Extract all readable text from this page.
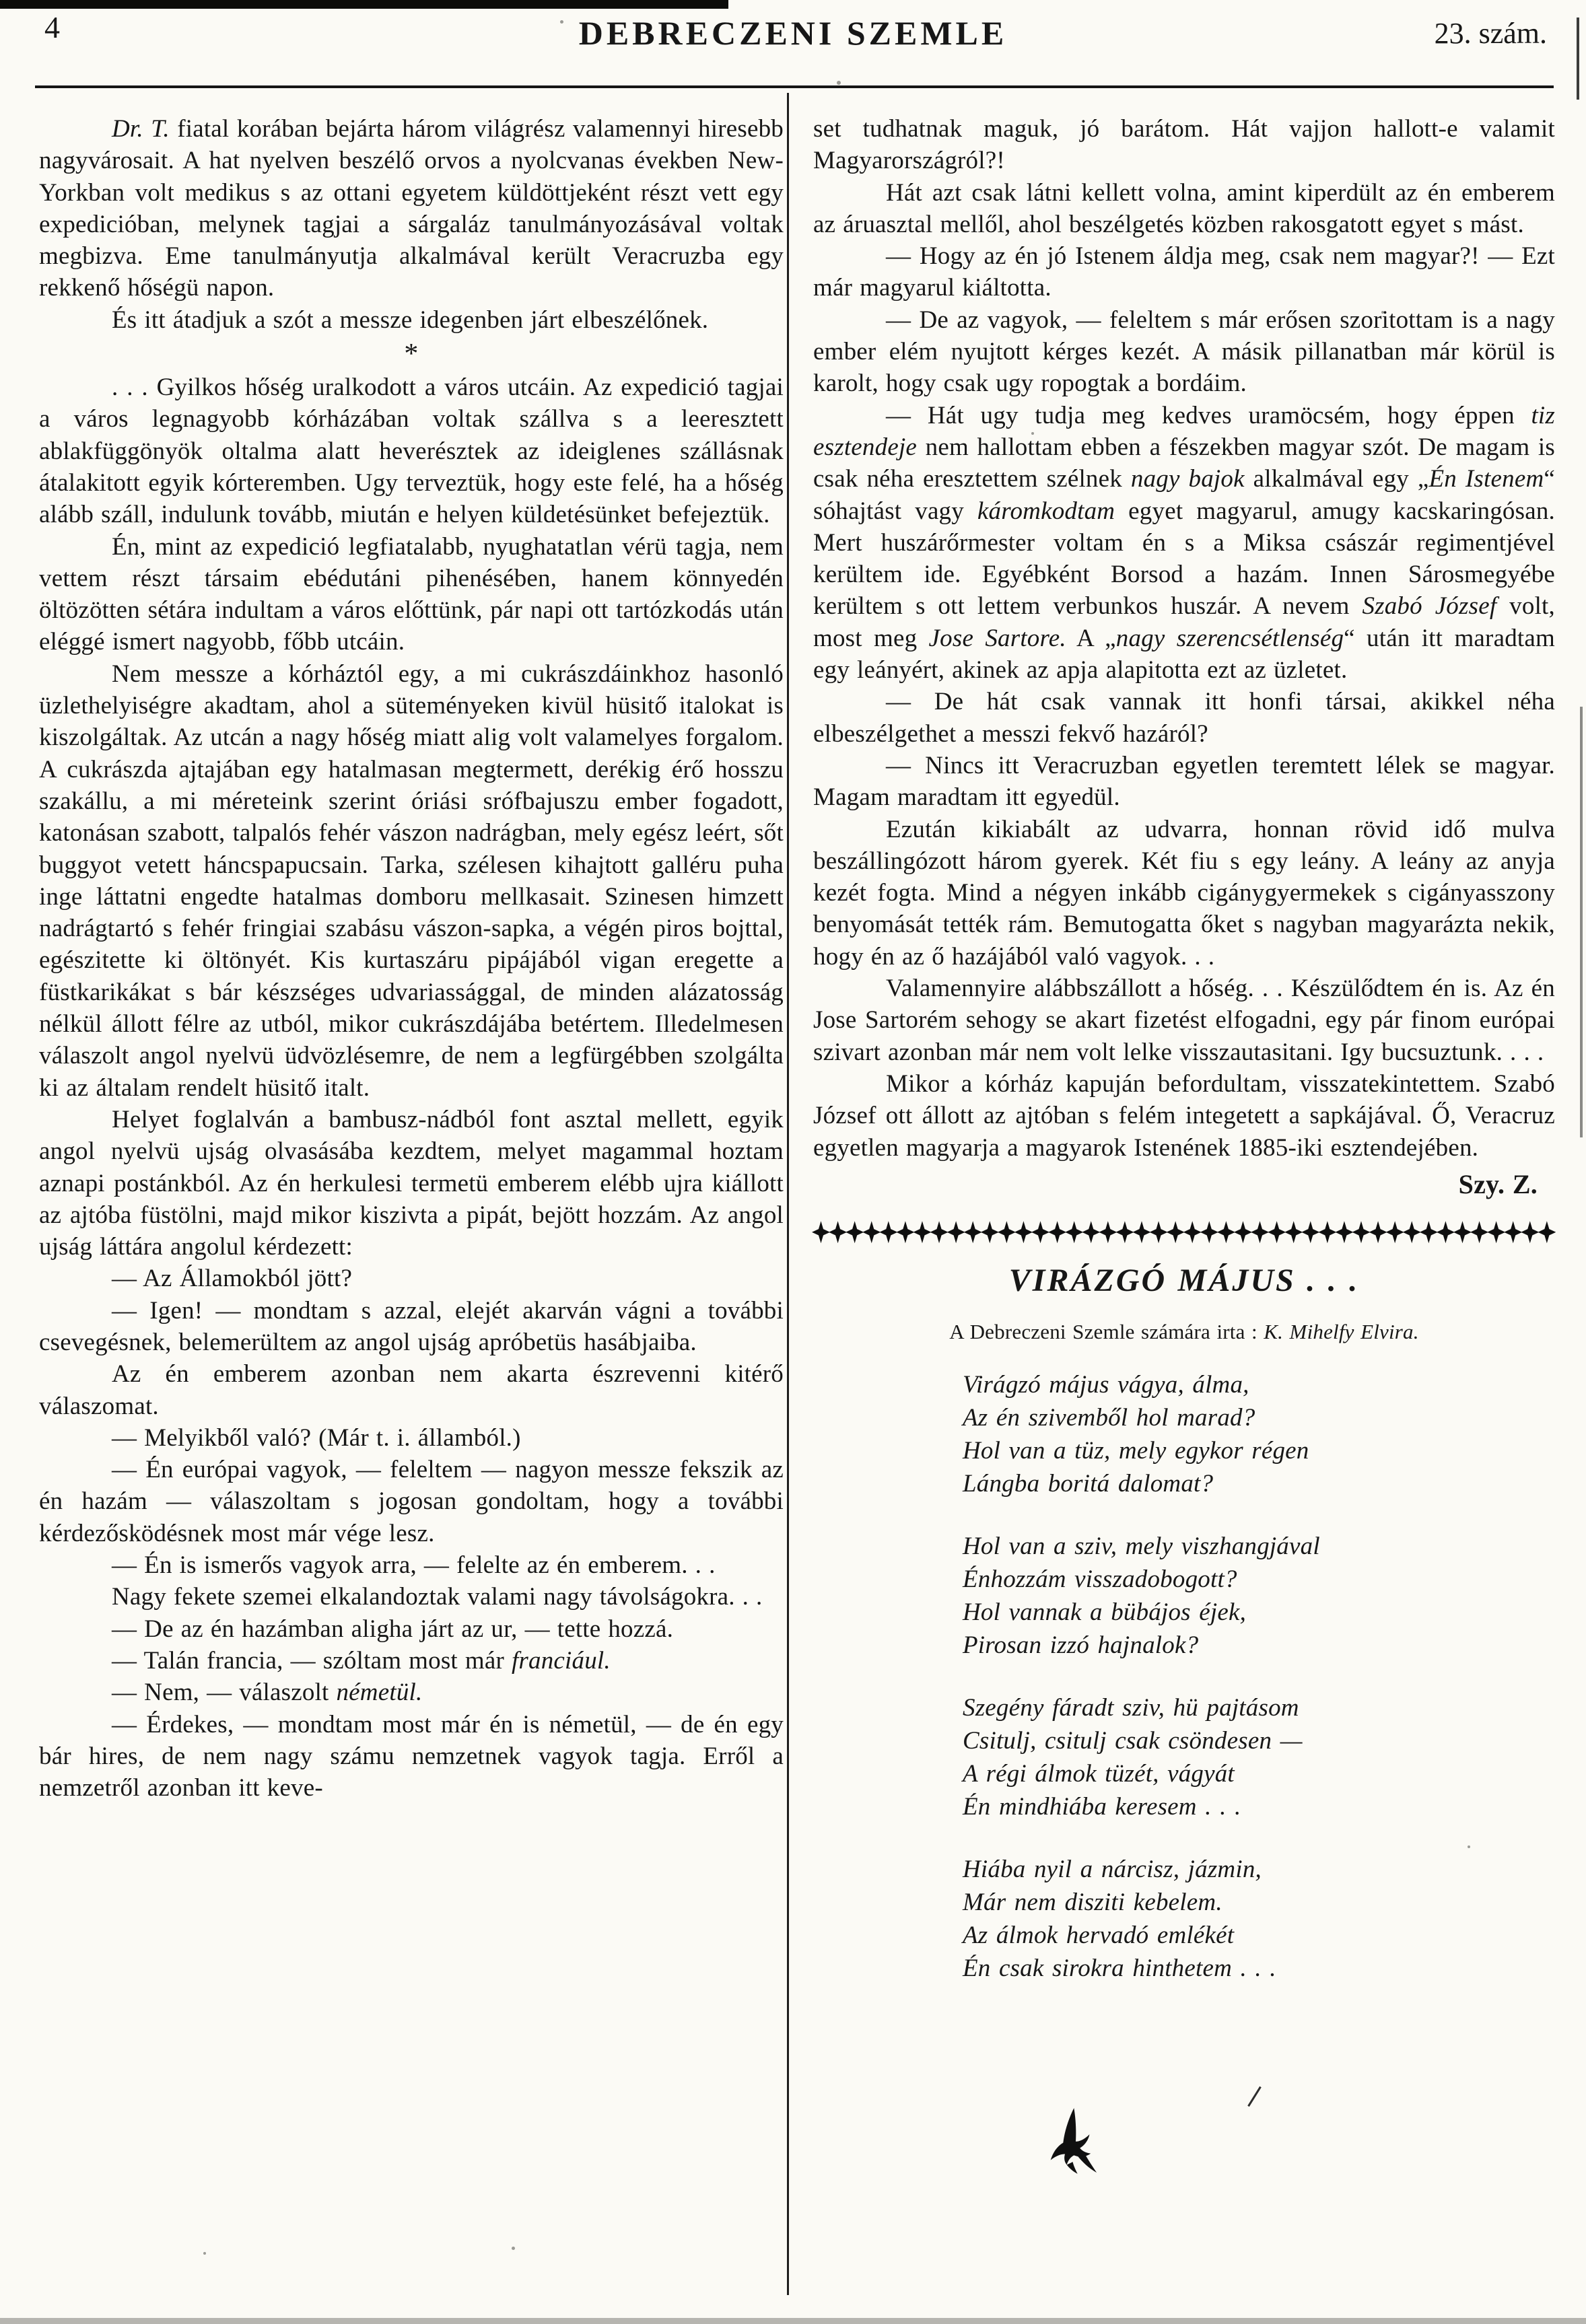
4	DEBRECZENI SZEMLE	23. szám.

Dr. T. fiatal korában bejárta három világrész valamennyi hiresebb nagyvárosait. A hat nyelven beszélő orvos a nyolcvanas években New-Yorkban volt medikus s az ottani egyetem küldöttjeként részt vett egy expedicióban, melynek tagjai a sárgaláz tanulmányozásával voltak megbizva. Eme tanulmányutja alkalmával került Veracruzba egy rekkenő hőségü napon.

És itt átadjuk a szót a messze idegenben járt elbeszélőnek.

*

. . . Gyilkos hőség uralkodott a város utcáin. Az expedició tagjai a város legnagyobb kórházában voltak szállva s a leeresztett ablakfüggönyök oltalma alatt heverésztek az ideiglenes szállásnak átalakitott egyik kórteremben. Ugy terveztük, hogy este felé, ha a hőség alább száll, indulunk tovább, miután e helyen küldetésünket befejeztük.

Én, mint az expedició legfiatalabb, nyughatatlan vérü tagja, nem vettem részt társaim ebédutáni pihenésében, hanem könnyedén öltözötten sétára indultam a város előttünk, pár napi ott tartózkodás után eléggé ismert nagyobb, főbb utcáin.

Nem messze a kórháztól egy, a mi cukrászdáinkhoz hasonló üzlethelyiségre akadtam, ahol a süteményeken kivül hüsitő italokat is kiszolgáltak. Az utcán a nagy hőség miatt alig volt valamelyes forgalom. A cukrászda ajtajában egy hatalmasan megtermett, derékig érő hosszu szakállu, a mi méreteink szerint óriási srófbajuszu ember fogadott, katonásan szabott, talpalós fehér vászon nadrágban, mely egész leért, sőt buggyot vetett háncspapucsain. Tarka, szélesen kihajtott galléru puha inge láttatni engedte hatalmas domboru mellkasait. Szinesen himzett nadrágtartó s fehér fringiai szabásu vászon-sapka, a végén piros bojttal, egészitette ki öltönyét. Kis kurtaszáru pipájából vigan eregette a füstkarikákat s bár készséges udvariassággal, de minden alázatosság nélkül állott félre az utból, mikor cukrászdájába betértem. Illedelmesen válaszolt angol nyelvü üdvözlésemre, de nem a legfürgébben szolgálta ki az általam rendelt hüsitő italt.

Helyet foglalván a bambusz-nádból font asztal mellett, egyik angol nyelvü ujság olvasásába kezdtem, melyet magammal hoztam aznapi postánkból. Az én herkulesi termetü emberem elébb ujra kiállott az ajtóba füstölni, majd mikor kiszivta a pipát, bejött hozzám. Az angol ujság láttára angolul kérdezett:

— Az Államokból jött?

— Igen! — mondtam s azzal, elejét akarván vágni a további csevegésnek, belemerültem az angol ujság apróbetüs hasábjaiba.

Az én emberem azonban nem akarta észrevenni kitérő válaszomat.

— Melyikből való? (Már t. i. államból.)

— Én európai vagyok, — feleltem — nagyon messze fekszik az én hazám — válaszoltam s jogosan gondoltam, hogy a további kérdezősködésnek most már vége lesz.

— Én is ismerős vagyok arra, — felelte az én emberem. . .

Nagy fekete szemei elkalandoztak valami nagy távolságokra. . .

— De az én hazámban aligha járt az ur, — tette hozzá.

— Talán francia, — szóltam most már franciául.

— Nem, — válaszolt németül.

— Érdekes, — mondtam most már én is németül, — de én egy bár hires, de nem nagy számu nemzetnek vagyok tagja. Erről a nemzetről azonban itt keve-

set tudhatnak maguk, jó barátom. Hát vajjon hallott-e valamit Magyarországról?!

Hát azt csak látni kellett volna, amint kiperdült az én emberem az áruasztal mellől, ahol beszélgetés közben rakosgatott egyet s mást.

— Hogy az én jó Istenem áldja meg, csak nem magyar?! — Ezt már magyarul kiáltotta.

— De az vagyok, — feleltem s már erősen szoritottam is a nagy ember elém nyujtott kérges kezét. A másik pillanatban már körül is karolt, hogy csak ugy ropogtak a bordáim.

— Hát ugy tudja meg kedves uramöcsém, hogy éppen tiz esztendeje nem hallottam ebben a fészekben magyar szót. De magam is csak néha eresztettem szélnek nagy bajok alkalmával egy „Én Istenem“ sóhajtást vagy káromkodtam egyet magyarul, amugy kacskaringósan. Mert huszárőrmester voltam én s a Miksa császár regimentjével kerültem ide. Egyébként Borsod a hazám. Innen Sárosmegyébe kerültem s ott lettem verbunkos huszár. A nevem Szabó József volt, most meg Jose Sartore. A „nagy szerencsétlenség“ után itt maradtam egy leányért, akinek az apja alapitotta ezt az üzletet.

— De hát csak vannak itt honfi társai, akikkel néha elbeszélgethet a messzi fekvő hazáról?

— Nincs itt Veracruzban egyetlen teremtett lélek se magyar. Magam maradtam itt egyedül.

Ezután kikiabált az udvarra, honnan rövid idő mulva beszállingózott három gyerek. Két fiu s egy leány. A leány az anyja kezét fogta. Mind a négyen inkább cigánygyermekek s cigányasszony benyomását tették rám. Bemutogatta őket s nagyban magyarázta nekik, hogy én az ő hazájából való vagyok. . .

Valamennyire alábbszállott a hőség. . . Készülődtem én is. Az én Jose Sartorém sehogy se akart fizetést elfogadni, egy pár finom európai szivart azonban már nem volt lelke visszautasitani. Igy bucsuztunk. . . .

Mikor a kórház kapuján befordultam, visszatekintettem. Szabó József ott állott az ajtóban s felém integetett a sapkájával. Ő, Veracruz egyetlen magyarja a magyarok Istenének 1885-iki esztendejében.

Szy. Z.
VIRÁZGÓ MÁJUS . . .

A Debreczeni Szemle számára irta : K. Mihelfy Elvira.

Virágzó május vágya, álma,
Az én szivemből hol marad?
Hol van a tüz, mely egykor régen
Lángba boritá dalomat?
Hol van a sziv, mely viszhangjával
Énhozzám visszadobogott?
Hol vannak a bübájos éjek,
Pirosan izzó hajnalok?
Szegény fáradt sziv, hü pajtásom
Csitulj, csitulj csak csöndesen —
A régi álmok tüzét, vágyát
Én mindhiába keresem . . .
Hiába nyil a nárcisz, jázmin,
Már nem disziti kebelem.
Az álmok hervadó emlékét
Én csak sirokra hinthetem . . .
